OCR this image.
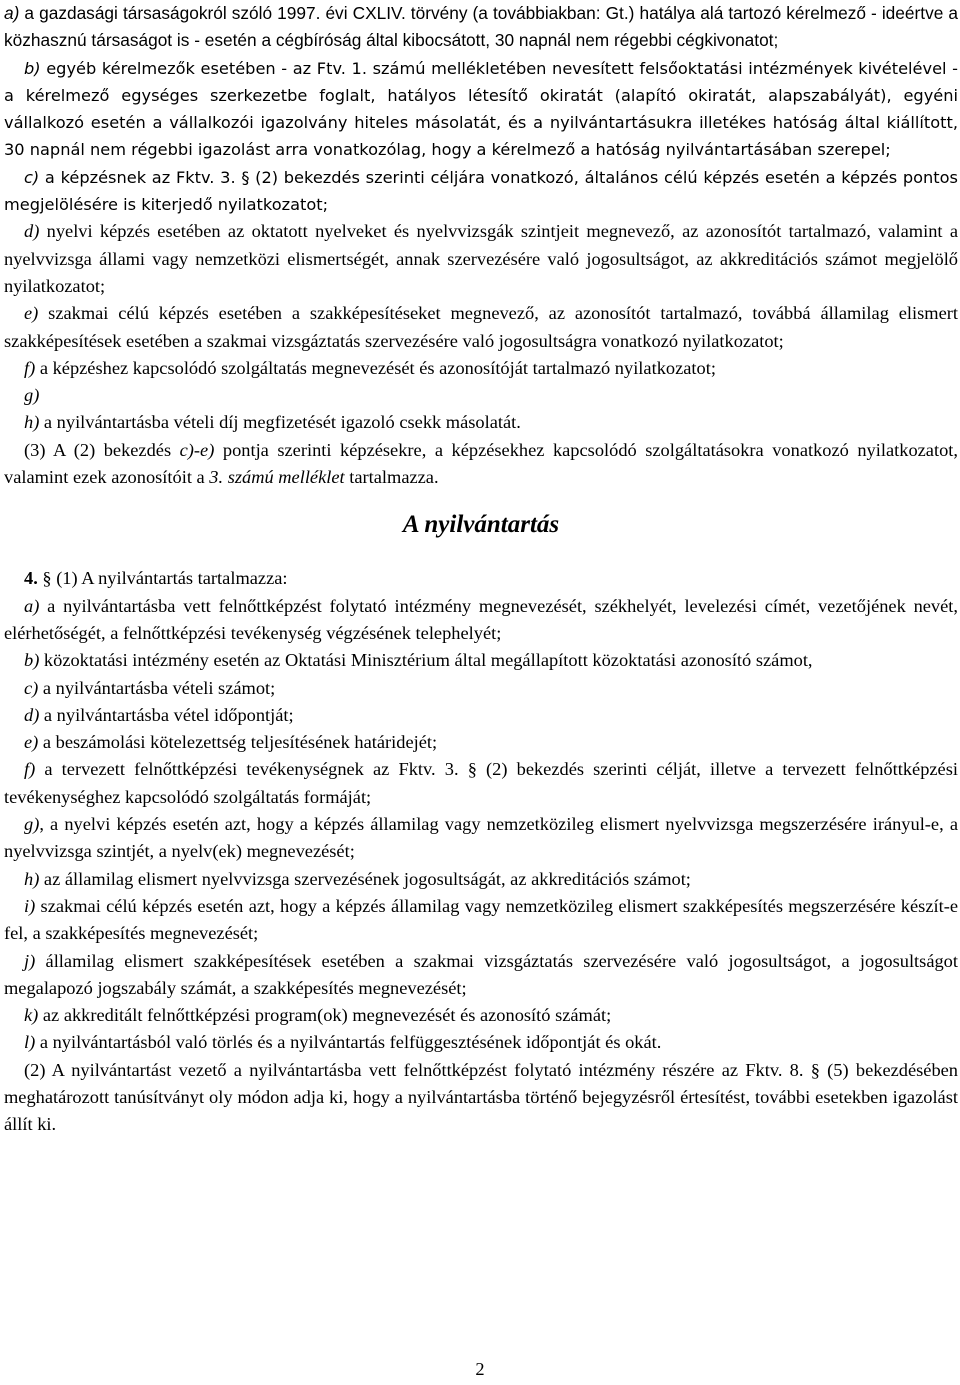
a) a gazdasági társaságokról szóló 1997. évi CXLIV. törvény (a továbbiakban: Gt.) hatálya alá tartozó kérelmező - ideértve a közhasznú társaságot is - esetén a cégbíróság által kibocsátott, 30 napnál nem régebbi cégkivonatot;

b) egyéb kérelmezők esetében - az Ftv. 1. számú mellékletében nevesített felsőoktatási intézmények kivételével - a kérelmező egységes szerkezetbe foglalt, hatályos létesítő okiratát (alapító okiratát, alapszabályát), egyéni vállalkozó esetén a vállalkozói igazolvány hiteles másolatát, és a nyilvántartásukra illetékes hatóság által kiállított, 30 napnál nem régebbi igazolást arra vonatkozólag, hogy a kérelmező a hatóság nyilvántartásában szerepel;

c) a képzésnek az Fktv. 3. § (2) bekezdés szerinti céljára vonatkozó, általános célú képzés esetén a képzés pontos megjelölésére is kiterjedő nyilatkozatot;

d) nyelvi képzés esetében az oktatott nyelveket és nyelvvizsgák szintjeit megnevező, az azonosítót tartalmazó, valamint a nyelvvizsga állami vagy nemzetközi elismertségét, annak szervezésére való jogosultságot, az akkreditációs számot megjelölő nyilatkozatot;

e) szakmai célú képzés esetében a szakképesítéseket megnevező, az azonosítót tartalmazó, továbbá államilag elismert szakképesítések esetében a szakmai vizsgáztatás szervezésére való jogosultságra vonatkozó nyilatkozatot;

f) a képzéshez kapcsolódó szolgáltatás megnevezését és azonosítóját tartalmazó nyilatkozatot;

g)

h) a nyilvántartásba vételi díj megfizetését igazoló csekk másolatát.

(3) A (2) bekezdés c)-e) pontja szerinti képzésekre, a képzésekhez kapcsolódó szolgáltatásokra vonatkozó nyilatkozatot, valamint ezek azonosítóit a 3. számú melléklet tartalmazza.

A nyilvántartás

4. § (1) A nyilvántartás tartalmazza:

a) a nyilvántartásba vett felnőttképzést folytató intézmény megnevezését, székhelyét, levelezési címét, vezetőjének nevét, elérhetőségét, a felnőttképzési tevékenység végzésének telephelyét;

b) közoktatási intézmény esetén az Oktatási Minisztérium által megállapított közoktatási azonosító számot,

c) a nyilvántartásba vételi számot;

d) a nyilvántartásba vétel időpontját;

e) a beszámolási kötelezettség teljesítésének határidejét;

f) a tervezett felnőttképzési tevékenységnek az Fktv. 3. § (2) bekezdés szerinti célját, illetve a tervezett felnőttképzési tevékenységhez kapcsolódó szolgáltatás formáját;

g), a nyelvi képzés esetén azt, hogy a képzés államilag vagy nemzetközileg elismert nyelvvizsga megszerzésére irányul-e, a nyelvvizsga szintjét, a nyelv(ek) megnevezését;

h) az államilag elismert nyelvvizsga szervezésének jogosultságát, az akkreditációs számot;

i) szakmai célú képzés esetén azt, hogy a képzés államilag vagy nemzetközileg elismert szakképesítés megszerzésére készít-e fel, a szakképesítés megnevezését;

j) államilag elismert szakképesítések esetében a szakmai vizsgáztatás szervezésére való jogosultságot, a jogosultságot megalapozó jogszabály számát, a szakképesítés megnevezését;

k) az akkreditált felnőttképzési program(ok) megnevezését és azonosító számát;

l) a nyilvántartásból való törlés és a nyilvántartás felfüggesztésének időpontját és okát.

(2) A nyilvántartást vezető a nyilvántartásba vett felnőttképzést folytató intézmény részére az Fktv. 8. § (5) bekezdésében meghatározott tanúsítványt oly módon adja ki, hogy a nyilvántartásba történő bejegyzésről értesítést, további esetekben igazolást állít ki.

2
